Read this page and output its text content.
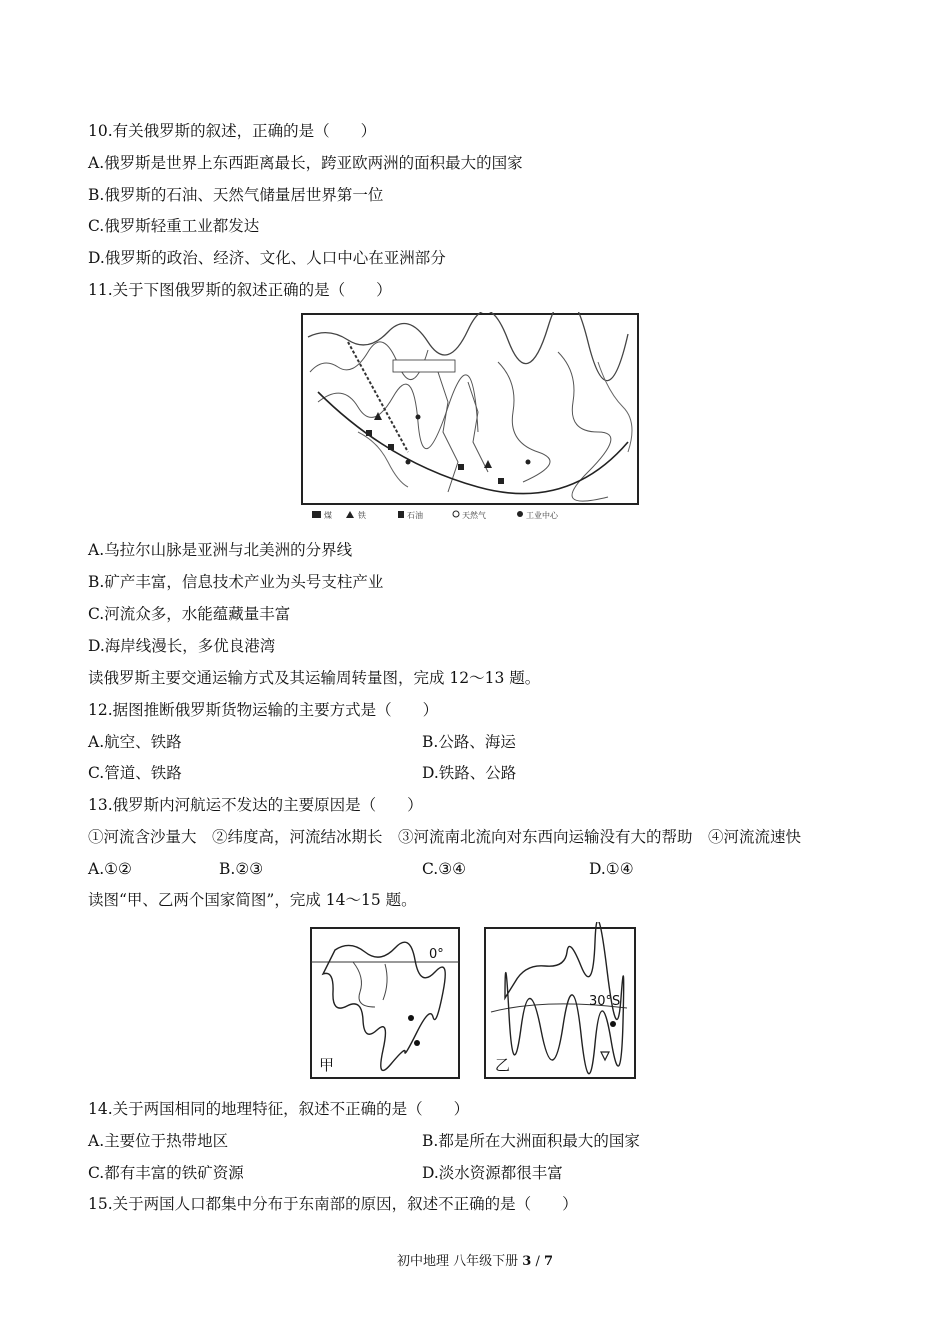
10.有关俄罗斯的叙述，正确的是（　　）
A.俄罗斯是世界上东西距离最长，跨亚欧两洲的面积最大的国家
B.俄罗斯的石油、天然气储量居世界第一位
C.俄罗斯轻重工业都发达
D.俄罗斯的政治、经济、文化、人口中心在亚洲部分
11.关于下图俄罗斯的叙述正确的是（　　）
煤	铁	石油	天然气	工业中心
A.乌拉尔山脉是亚洲与北美洲的分界线
B.矿产丰富，信息技术产业为头号支柱产业
C.河流众多，水能蕴藏量丰富
D.海岸线漫长，多优良港湾
读俄罗斯主要交通运输方式及其运输周转量图，完成 12～13 题。
12.据图推断俄罗斯货物运输的主要方式是（　　）
A.航空、铁路	B.公路、海运
C.管道、铁路	D.铁路、公路
13.俄罗斯内河航运不发达的主要原因是（　　）
①河流含沙量大　②纬度高，河流结冰期长　③河流南北流向对东西向运输没有大的帮助　④河流流速快
A.①②	B.②③	C.③④	D.①④
读图“甲、乙两个国家简图”，完成 14～15 题。
0°
甲
30°S
乙
14.关于两国相同的地理特征，叙述不正确的是（　　）
A.主要位于热带地区	B.都是所在大洲面积最大的国家
C.都有丰富的铁矿资源	D.淡水资源都很丰富
15.关于两国人口都集中分布于东南部的原因，叙述不正确的是（　　）
初中地理 八年级下册 3 / 7
